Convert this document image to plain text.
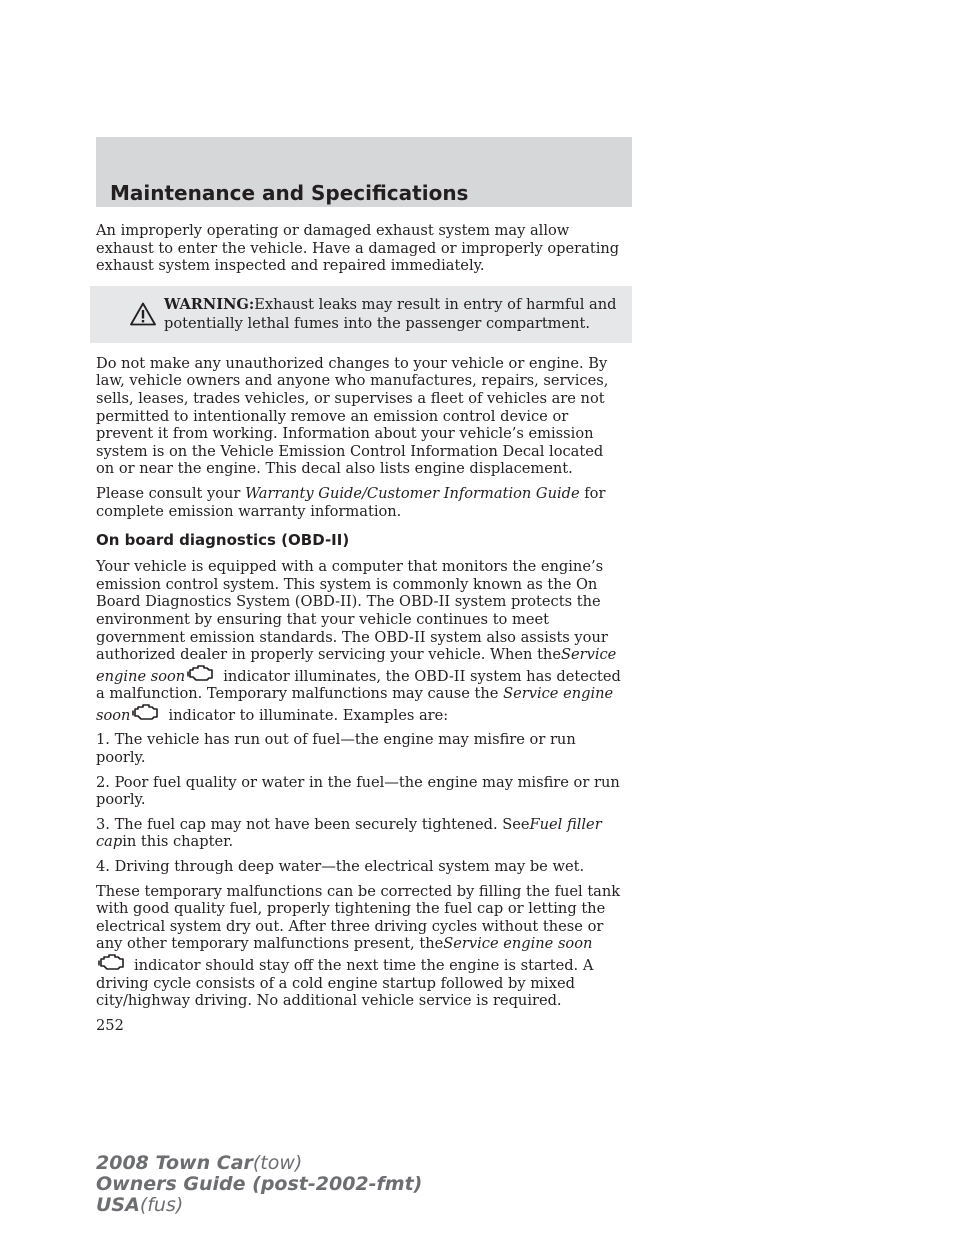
Maintenance and Specifications

An improperly operating or damaged exhaust system may allow exhaust to enter the vehicle. Have a damaged or improperly operating exhaust system inspected and repaired immediately.

WARNING:Exhaust leaks may result in entry of harmful and potentially lethal fumes into the passenger compartment.

Do not make any unauthorized changes to your vehicle or engine. By law, vehicle owners and anyone who manufactures, repairs, services, sells, leases, trades vehicles, or supervises a fleet of vehicles are not permitted to intentionally remove an emission control device or prevent it from working. Information about your vehicle’s emission system is on the Vehicle Emission Control Information Decal located on or near the engine. This decal also lists engine displacement.

Please consult your Warranty Guide/Customer Information Guide for complete emission warranty information.

On board diagnostics (OBD-II)

Your vehicle is equipped with a computer that monitors the engine’s emission control system. This system is commonly known as the On Board Diagnostics System (OBD-II). The OBD-II system protects the environment by ensuring that your vehicle continues to meet government emission standards. The OBD-II system also assists your authorized dealer in properly servicing your vehicle. When theService engine soon	indicator illuminates, the OBD-II system has detected a malfunction. Temporary malfunctions may cause the Service engine soon	indicator to illuminate. Examples are:

1. The vehicle has run out of fuel—the engine may misfire or run poorly.

2. Poor fuel quality or water in the fuel—the engine may misfire or run poorly.

3. The fuel cap may not have been securely tightened. SeeFuel filler capin this chapter.

4. Driving through deep water—the electrical system may be wet.

These temporary malfunctions can be corrected by filling the fuel tank with good quality fuel, properly tightening the fuel cap or letting the electrical system dry out. After three driving cycles without these or any other temporary malfunctions present, theService engine soonindicator should stay off the next time the engine is started. A driving cycle consists of a cold engine startup followed by mixed city/highway driving. No additional vehicle service is required.

252
2008 Town Car(tow)
Owners Guide (post-2002-fmt)
USA(fus)
